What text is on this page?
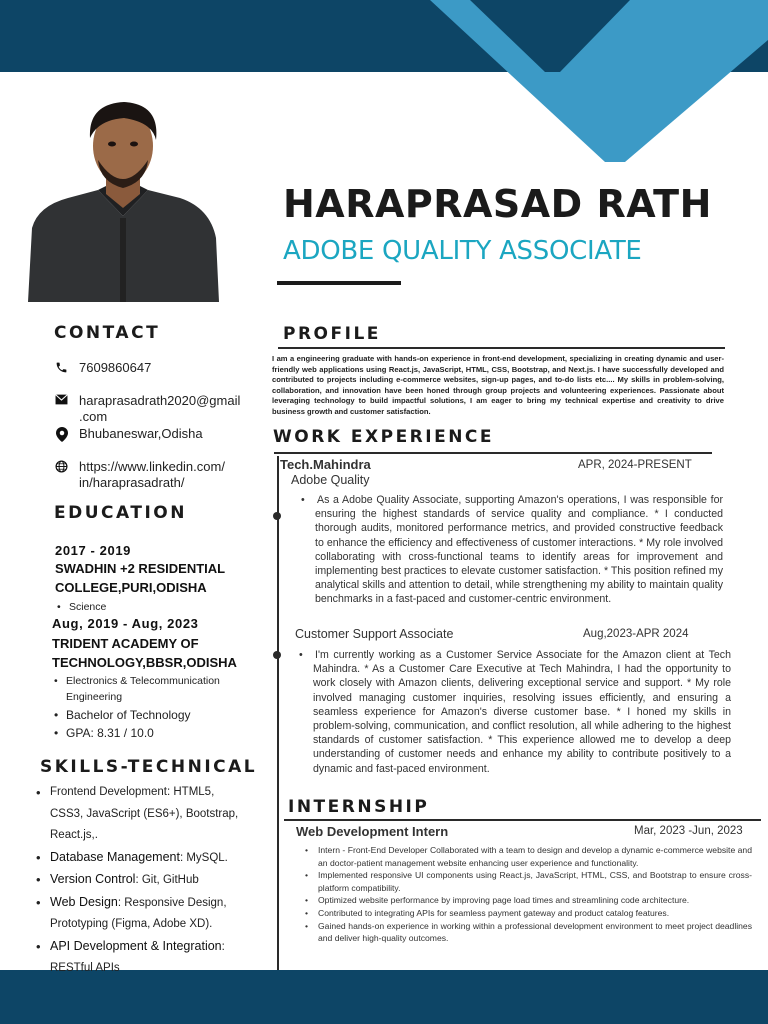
HARAPRASAD RATH
ADOBE QUALITY ASSOCIATE
CONTACT
7609860647
haraprasadrath2020@gmail
.com
Bhubaneswar,Odisha
https://www.linkedin.com/
in/haraprasadrath/
EDUCATION
2017 - 2019
SWADHIN +2 RESIDENTIAL
COLLEGE,PURI,ODISHA
• Science
Aug, 2019 - Aug, 2023
TRIDENT ACADEMY OF
TECHNOLOGY,BBSR,ODISHA
• Electronics & Telecommunication
Engineering
• Bachelor of Technology
• GPA: 8.31 / 10.0
SKILLS-TECHNICAL
• Frontend Development: HTML5,
CSS3, JavaScript (ES6+), Bootstrap,
React.js,.
• Database Management: MySQL.
• Version Control: Git, GitHub
• Web Design: Responsive Design,
Prototyping (Figma, Adobe XD).
• API Development & Integration:
RESTful APIs
PROFILE
I am a engineering graduate with hands-on experience in front-end development, specializing in creating dynamic and user-friendly web applications using React.js, JavaScript, HTML, CSS, Bootstrap, and Next.js. I have successfully developed and contributed to projects including e-commerce websites, sign-up pages, and to-do lists etc.... My skills in problem-solving, collaboration, and innovation have been honed through group projects and volunteering experiences. Passionate about leveraging technology to build impactful solutions, I am eager to bring my technical expertise and creativity to drive business growth and customer satisfaction.
WORK EXPERIENCE
Tech.Mahindra	APR, 2024-PRESENT
Adobe Quality
• As a Adobe Quality Associate, supporting Amazon's operations, I was responsible for ensuring the highest standards of service quality and compliance. * I conducted thorough audits, monitored performance metrics, and provided constructive feedback to enhance the efficiency and effectiveness of customer interactions. * My role involved collaborating with cross-functional teams to identify areas for improvement and implementing best practices to elevate customer satisfaction. * This position refined my analytical skills and attention to detail, while strengthening my ability to maintain quality benchmarks in a fast-paced and customer-centric environment.
Customer Support Associate	Aug,2023-APR 2024
• I'm currently working as a Customer Service Associate for the Amazon client at Tech Mahindra. * As a Customer Care Executive at Tech Mahindra, I had the opportunity to work closely with Amazon clients, delivering exceptional service and support. * My role involved managing customer inquiries, resolving issues efficiently, and ensuring a seamless experience for Amazon's diverse customer base. * I honed my skills in problem-solving, communication, and conflict resolution, all while adhering to the highest standards of customer satisfaction. * This experience allowed me to develop a deep understanding of customer needs and enhance my ability to contribute positively to a dynamic and fast-paced environment.
INTERNSHIP
Web Development Intern	Mar, 2023 -Jun, 2023
• Intern - Front-End Developer Collaborated with a team to design and develop a dynamic e-commerce website and an doctor-patient management website enhancing user experience and functionality.
• Implemented responsive UI components using React.js, JavaScript, HTML, CSS, and Bootstrap to ensure cross-platform compatibility.
• Optimized website performance by improving page load times and streamlining code architecture.
• Contributed to integrating APIs for seamless payment gateway and product catalog features.
• Gained hands-on experience in working within a professional development environment to meet project deadlines and deliver high-quality outcomes.
